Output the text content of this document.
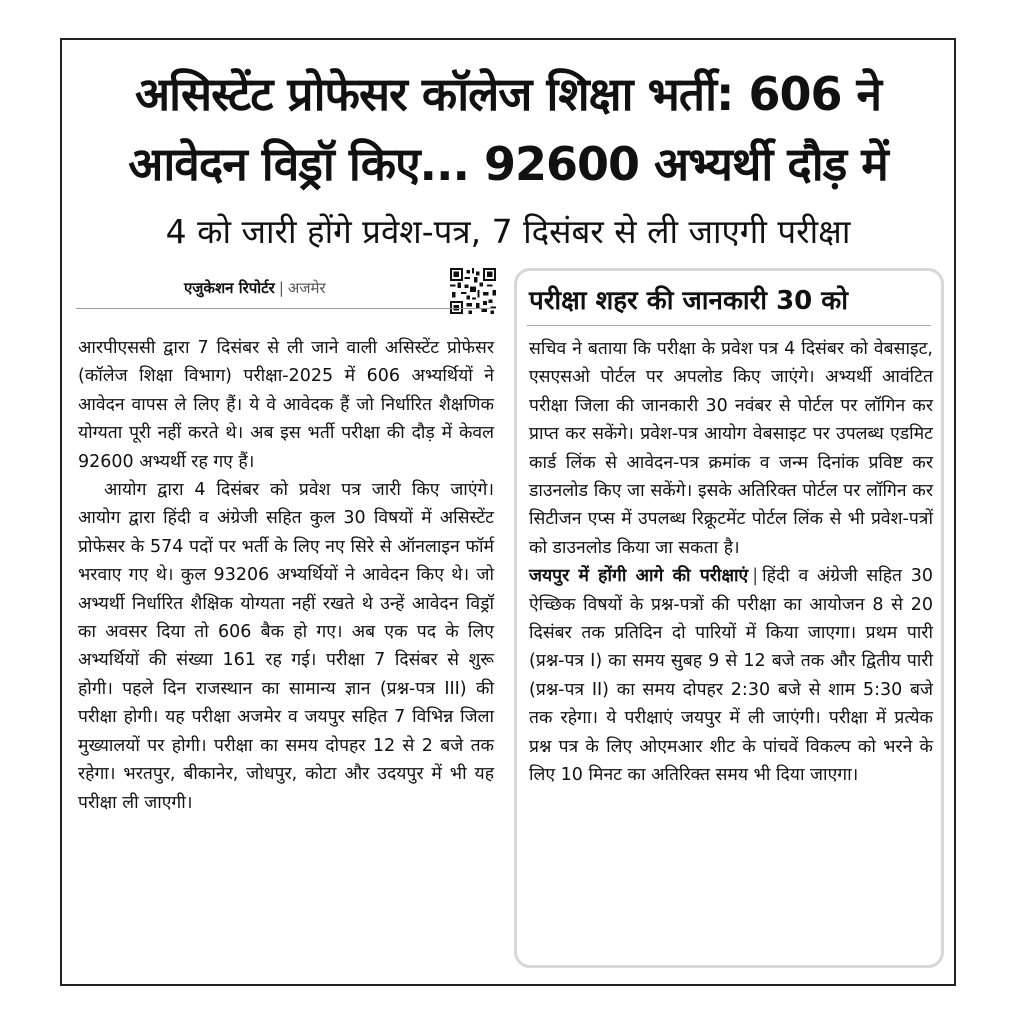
असिस्टेंट प्रोफेसर कॉलेज शिक्षा भर्ती: 606 ने
आवेदन विड्रॉ किए... 92600 अभ्यर्थी दौड़ में
4 को जारी होंगे प्रवेश-पत्र, 7 दिसंबर से ली जाएगी परीक्षा
एजुकेशन रिपोर्टर | अजमेर

आरपीएससी द्वारा 7 दिसंबर से ली जाने वाली असिस्टेंट प्रोफेसर (कॉलेज शिक्षा विभाग) परीक्षा-2025 में 606 अभ्यर्थियों ने आवेदन वापस ले लिए हैं। ये वे आवेदक हैं जो निर्धारित शैक्षणिक योग्यता पूरी नहीं करते थे। अब इस भर्ती परीक्षा की दौड़ में केवल 92600 अभ्यर्थी रह गए हैं।

आयोग द्वारा 4 दिसंबर को प्रवेश पत्र जारी किए जाएंगे। आयोग द्वारा हिंदी व अंग्रेजी सहित कुल 30 विषयों में असिस्टेंट प्रोफेसर के 574 पदों पर भर्ती के लिए नए सिरे से ऑनलाइन फॉर्म भरवाए गए थे। कुल 93206 अभ्यर्थियों ने आवेदन किए थे। जो अभ्यर्थी निर्धारित शैक्षिक योग्यता नहीं रखते थे उन्हें आवेदन विड्रॉ का अवसर दिया तो 606 बैक हो गए। अब एक पद के लिए अभ्यर्थियों की संख्या 161 रह गई। परीक्षा 7 दिसंबर से शुरू होगी। पहले दिन राजस्थान का सामान्य ज्ञान (प्रश्न-पत्र III) की परीक्षा होगी। यह परीक्षा अजमेर व जयपुर सहित 7 विभिन्न जिला मुख्यालयों पर होगी। परीक्षा का समय दोपहर 12 से 2 बजे तक रहेगा। भरतपुर, बीकानेर, जोधपुर, कोटा और उदयपुर में भी यह परीक्षा ली जाएगी।

परीक्षा शहर की जानकारी 30 को

सचिव ने बताया कि परीक्षा के प्रवेश पत्र 4 दिसंबर को वेबसाइट, एसएसओ पोर्टल पर अपलोड किए जाएंगे। अभ्यर्थी आवंटित परीक्षा जिला की जानकारी 30 नवंबर से पोर्टल पर लॉगिन कर प्राप्त कर सकेंगे। प्रवेश-पत्र आयोग वेबसाइट पर उपलब्ध एडमिट कार्ड लिंक से आवेदन-पत्र क्रमांक व जन्म दिनांक प्रविष्ट कर डाउनलोड किए जा सकेंगे। इसके अतिरिक्त पोर्टल पर लॉगिन कर सिटीजन एप्स में उपलब्ध रिक्रूटमेंट पोर्टल लिंक से भी प्रवेश-पत्रों को डाउनलोड किया जा सकता है।

जयपुर में होंगी आगे की परीक्षाएं | हिंदी व अंग्रेजी सहित 30 ऐच्छिक विषयों के प्रश्न-पत्रों की परीक्षा का आयोजन 8 से 20 दिसंबर तक प्रतिदिन दो पारियों में किया जाएगा। प्रथम पारी (प्रश्न-पत्र I) का समय सुबह 9 से 12 बजे तक और द्वितीय पारी (प्रश्न-पत्र II) का समय दोपहर 2:30 बजे से शाम 5:30 बजे तक रहेगा। ये परीक्षाएं जयपुर में ली जाएंगी। परीक्षा में प्रत्येक प्रश्न पत्र के लिए ओएमआर शीट के पांचवें विकल्प को भरने के लिए 10 मिनट का अतिरिक्त समय भी दिया जाएगा।
